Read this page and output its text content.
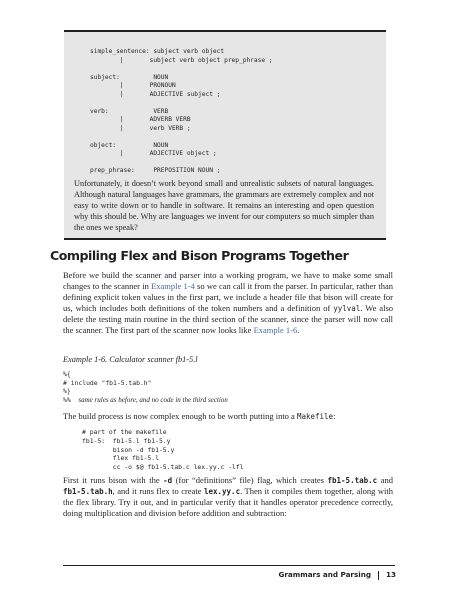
simple_sentence: subject verb object
|       subject verb object prep_phrase ;

subject:         NOUN
|       PRONOUN
|       ADJECTIVE subject ;

verb:            VERB
|       ADVERB VERB
|       verb VERB ;

object:          NOUN
|       ADJECTIVE object ;

prep_phrase:     PREPOSITION NOUN ;

Unfortunately, it doesn’t work beyond small and unrealistic subsets of natural languages. Although natural languages have grammars, the grammars are extremely complex and not easy to write down or to handle in software. It remains an interesting and open question why this should be. Why are languages we invent for our computers so much simpler than the ones we speak?

Compiling Flex and Bison Programs Together

Before we build the scanner and parser into a working program, we have to make some small changes to the scanner in Example 1-4 so we can call it from the parser. In particular, rather than defining explicit token values in the first part, we include a header file that bison will create for us, which includes both definitions of the token numbers and a definition of yylval. We also delete the testing main routine in the third section of the scanner, since the parser will now call the scanner. The first part of the scanner now looks like Example 1-6.

Example 1-6. Calculator scanner fb1-5.l

%{
# include "fb1-5.tab.h"
%}
%% same rules as before, and no code in the third section

The build process is now complex enough to be worth putting into a Makefile:

# part of the makefile
fb1-5:  fb1-5.l fb1-5.y
bison -d fb1-5.y
flex fb1-5.l
cc -o $@ fb1-5.tab.c lex.yy.c -lfl

First it runs bison with the -d (for “definitions” file) flag, which creates fb1-5.tab.c and fb1-5.tab.h, and it runs flex to create lex.yy.c. Then it compiles them together, along with the flex library. Try it out, and in particular verify that it handles operator precedence correctly, doing multiplication and division before addition and subtraction:

Grammars and Parsing 13
